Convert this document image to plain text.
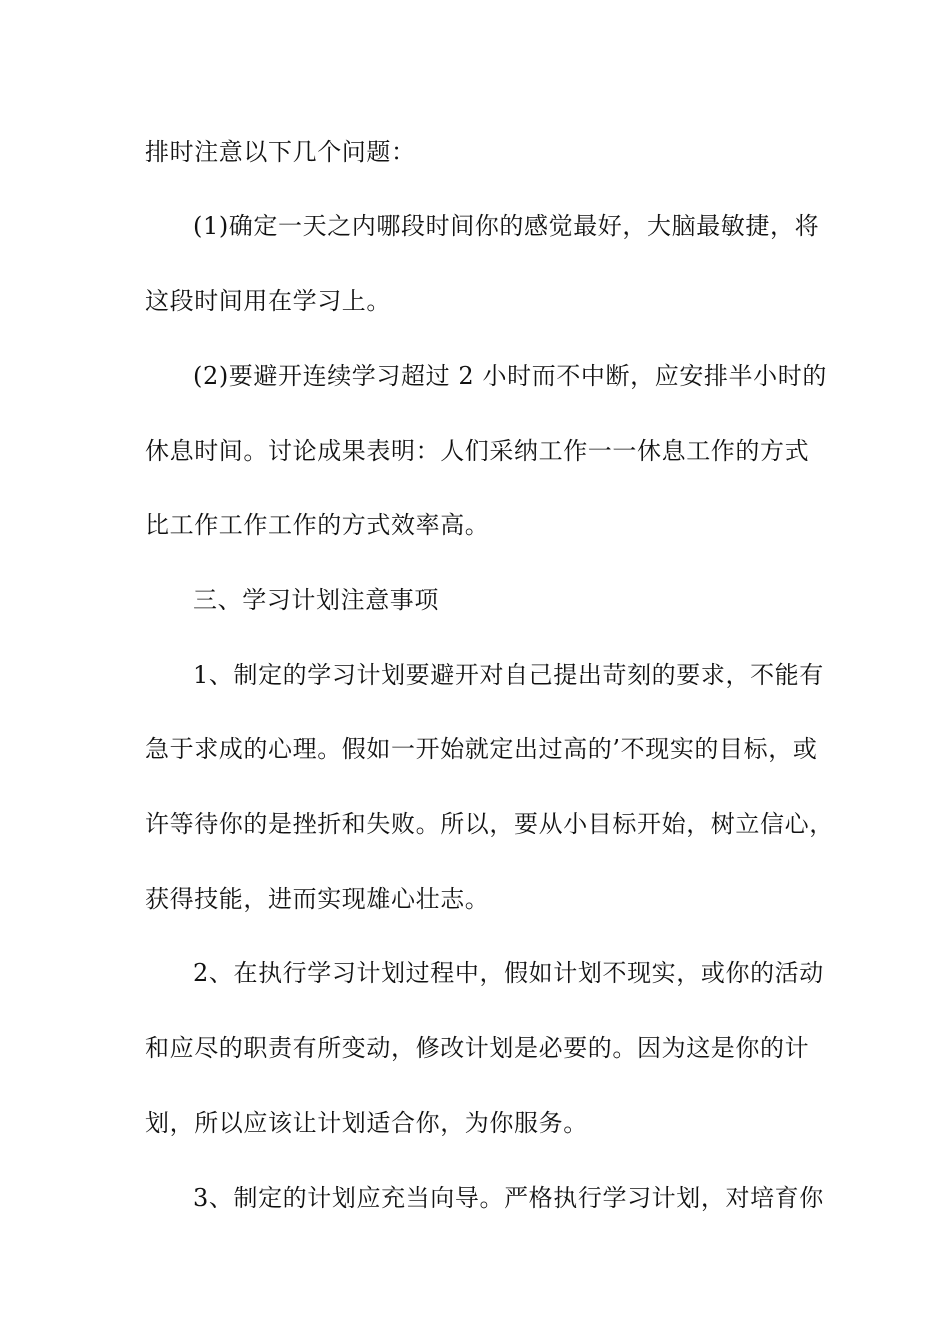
排时注意以下几个问题：
(1)确定一天之内哪段时间你的感觉最好，大脑最敏捷，将
这段时间用在学习上。
(2)要避开连续学习超过 2 小时而不中断，应安排半小时的
休息时间。讨论成果表明：人们采纳工作一一休息工作的方式
比工作工作工作的方式效率高。
三、学习计划注意事项
1、制定的学习计划要避开对自己提出苛刻的要求，不能有
急于求成的心理。假如一开始就定出过高的’不现实的目标，或
许等待你的是挫折和失败。所以，要从小目标开始，树立信心，
获得技能，进而实现雄心壮志。
2、在执行学习计划过程中，假如计划不现实，或你的活动
和应尽的职责有所变动，修改计划是必要的。因为这是你的计
划，所以应该让计划适合你，为你服务。
3、制定的计划应充当向导。严格执行学习计划，对培育你
